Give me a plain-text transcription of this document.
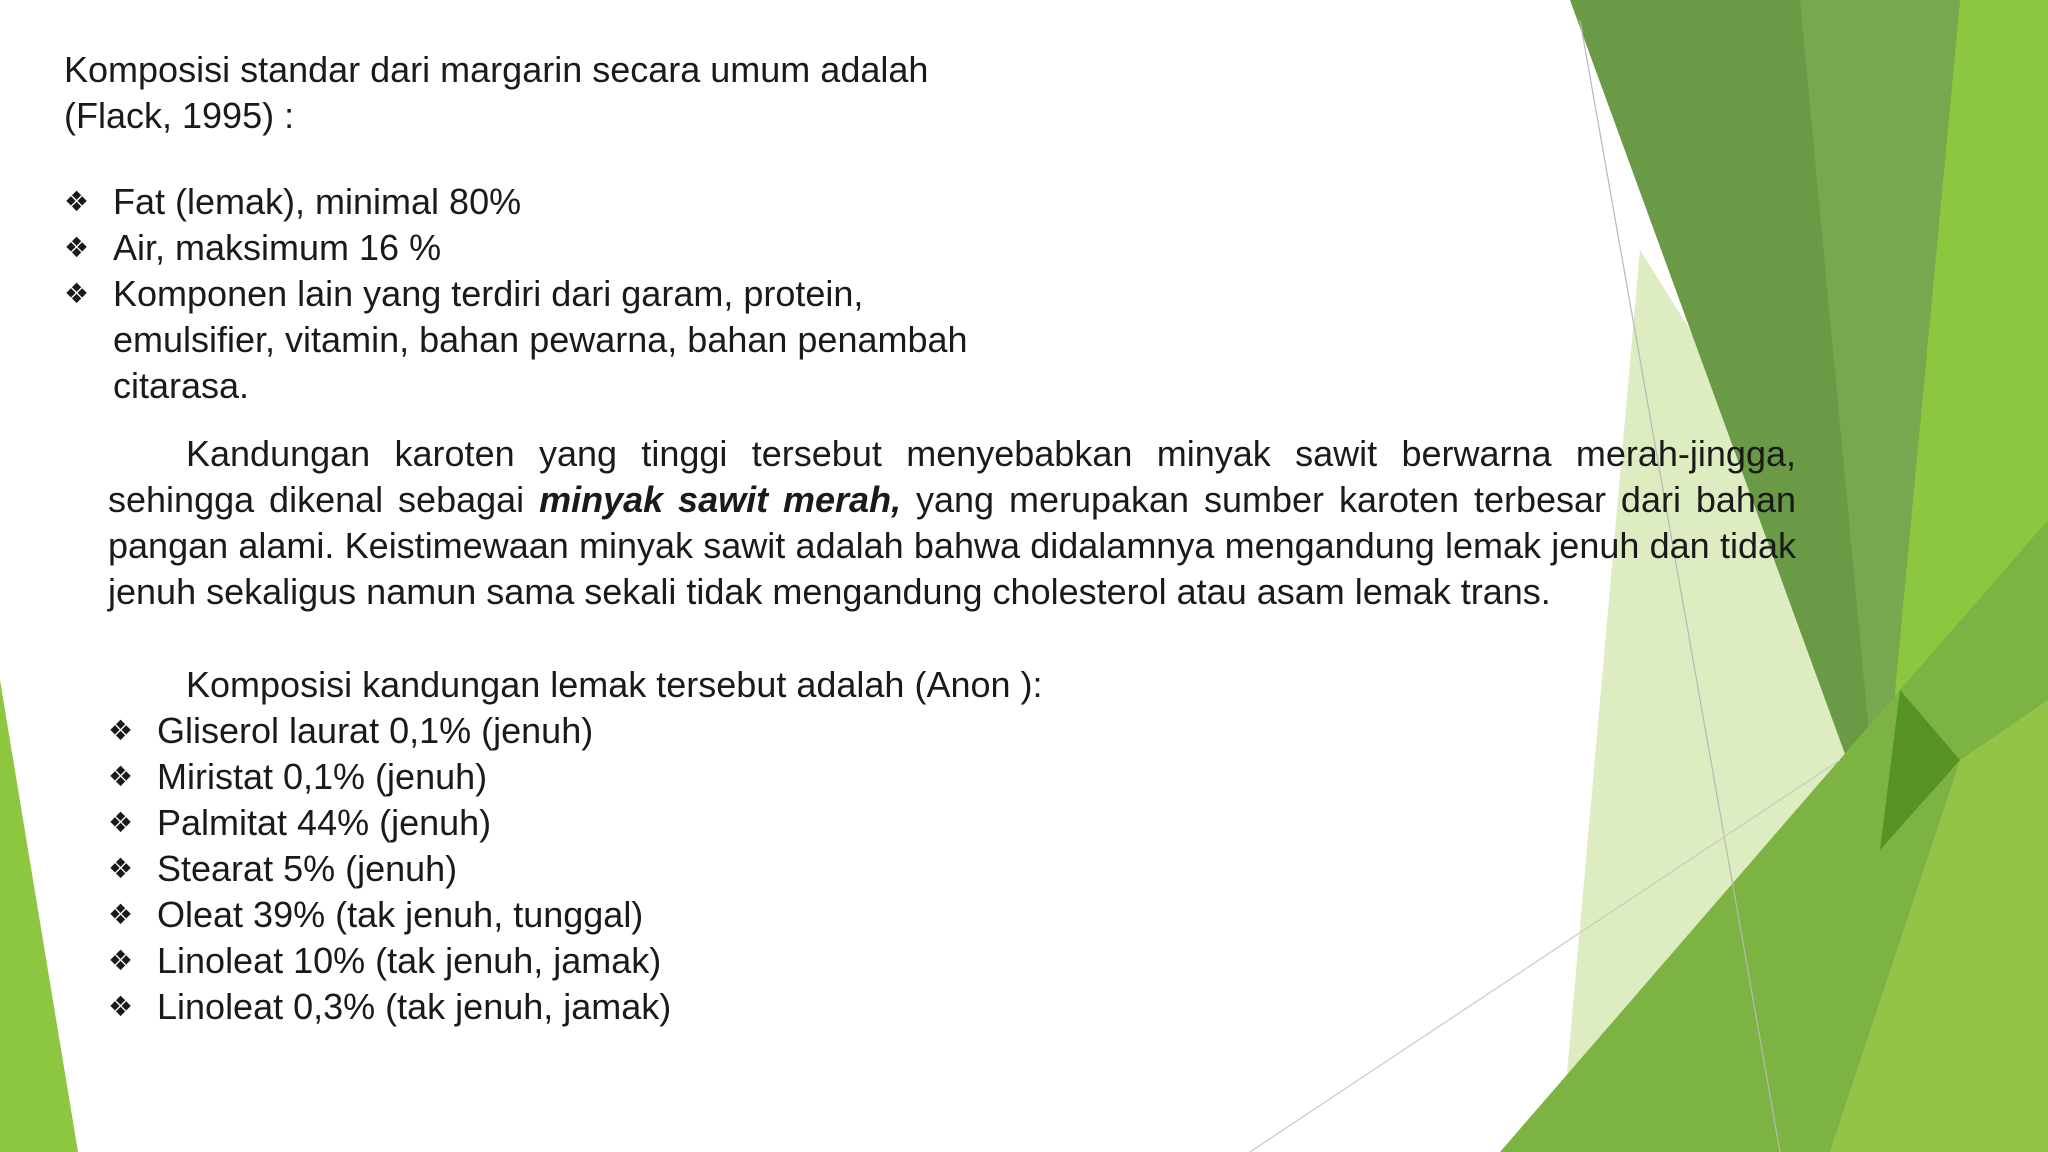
Komposisi standar dari margarin secara umum adalah
(Flack, 1995) :
❖ Fat (lemak), minimal 80%
❖ Air, maksimum 16 %
❖ Komponen lain yang terdiri dari garam, protein, emulsifier, vitamin, bahan pewarna, bahan penambah citarasa.

Kandungan karoten yang tinggi tersebut menyebabkan minyak sawit berwarna merah-jingga, sehingga dikenal sebagai minyak sawit merah, yang merupakan sumber karoten terbesar dari bahan pangan alami. Keistimewaan minyak sawit adalah bahwa didalamnya mengandung lemak jenuh dan tidak jenuh sekaligus namun sama sekali tidak mengandung cholesterol atau asam lemak trans.

Komposisi kandungan lemak tersebut adalah (Anon ):

❖ Gliserol laurat 0,1% (jenuh)
❖ Miristat 0,1% (jenuh)
❖ Palmitat 44% (jenuh)
❖ Stearat 5% (jenuh)
❖ Oleat 39% (tak jenuh, tunggal)
❖ Linoleat 10% (tak jenuh, jamak)
❖ Linoleat 0,3% (tak jenuh, jamak)
